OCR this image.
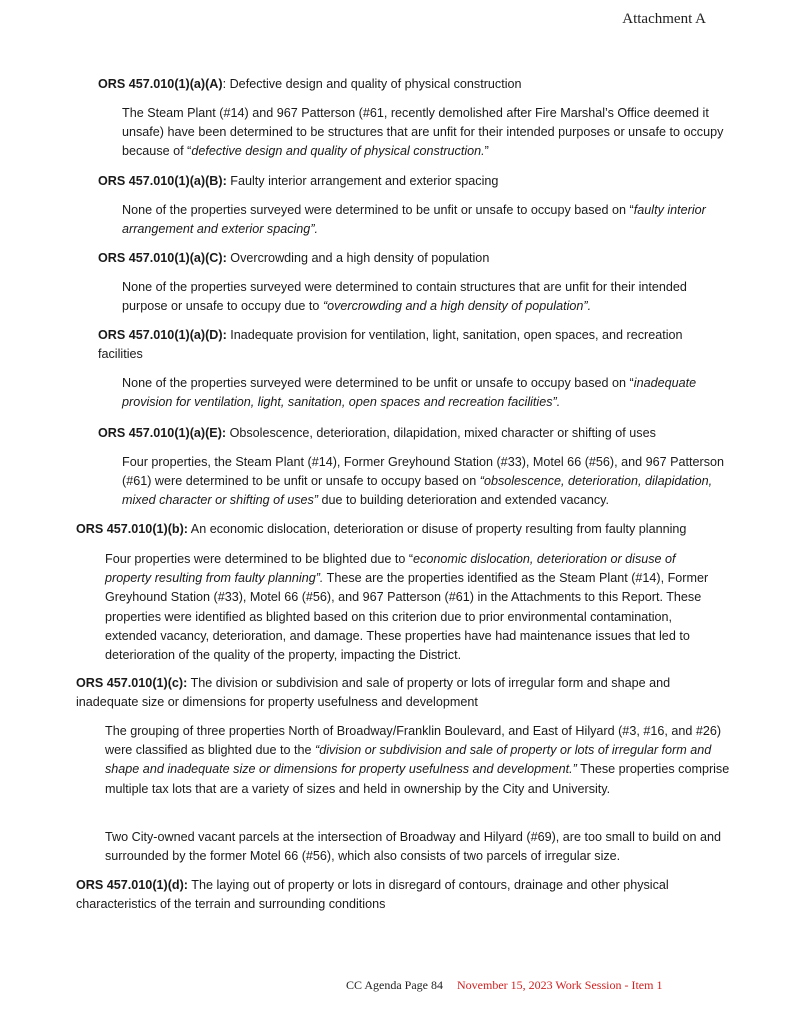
Attachment A

ORS 457.010(1)(a)(A): Defective design and quality of physical construction

The Steam Plant (#14) and 967 Patterson (#61, recently demolished after Fire Marshal’s Office deemed it unsafe) have been determined to be structures that are unfit for their intended purposes or unsafe to occupy because of “defective design and quality of physical construction.”

ORS 457.010(1)(a)(B): Faulty interior arrangement and exterior spacing

None of the properties surveyed were determined to be unfit or unsafe to occupy based on “faulty interior arrangement and exterior spacing”.

ORS 457.010(1)(a)(C): Overcrowding and a high density of population

None of the properties surveyed were determined to contain structures that are unfit for their intended purpose or unsafe to occupy due to “overcrowding and a high density of population”.

ORS 457.010(1)(a)(D): Inadequate provision for ventilation, light, sanitation, open spaces, and recreation facilities

None of the properties surveyed were determined to be unfit or unsafe to occupy based on “inadequate provision for ventilation, light, sanitation, open spaces and recreation facilities”.

ORS 457.010(1)(a)(E): Obsolescence, deterioration, dilapidation, mixed character or shifting of uses

Four properties, the Steam Plant (#14), Former Greyhound Station (#33), Motel 66 (#56), and 967 Patterson (#61) were determined to be unfit or unsafe to occupy based on “obsolescence, deterioration, dilapidation, mixed character or shifting of uses” due to building deterioration and extended vacancy.

ORS 457.010(1)(b): An economic dislocation, deterioration or disuse of property resulting from faulty planning

Four properties were determined to be blighted due to “economic dislocation, deterioration or disuse of property resulting from faulty planning”. These are the properties identified as the Steam Plant (#14), Former Greyhound Station (#33), Motel 66 (#56), and 967 Patterson (#61) in the Attachments to this Report. These properties were identified as blighted based on this criterion due to prior environmental contamination, extended vacancy, deterioration, and damage. These properties have had maintenance issues that led to deterioration of the quality of the property, impacting the District.

ORS 457.010(1)(c): The division or subdivision and sale of property or lots of irregular form and shape and inadequate size or dimensions for property usefulness and development

The grouping of three properties North of Broadway/Franklin Boulevard, and East of Hilyard (#3, #16, and #26) were classified as blighted due to the “division or subdivision and sale of property or lots of irregular form and shape and inadequate size or dimensions for property usefulness and development.” These properties comprise multiple tax lots that are a variety of sizes and held in ownership by the City and University.

Two City-owned vacant parcels at the intersection of Broadway and Hilyard (#69), are too small to build on and surrounded by the former Motel 66 (#56), which also consists of two parcels of irregular size.

ORS 457.010(1)(d): The laying out of property or lots in disregard of contours, drainage and other physical characteristics of the terrain and surrounding conditions

CC Agenda Page 84 November 15, 2023 Work Session - Item 1
